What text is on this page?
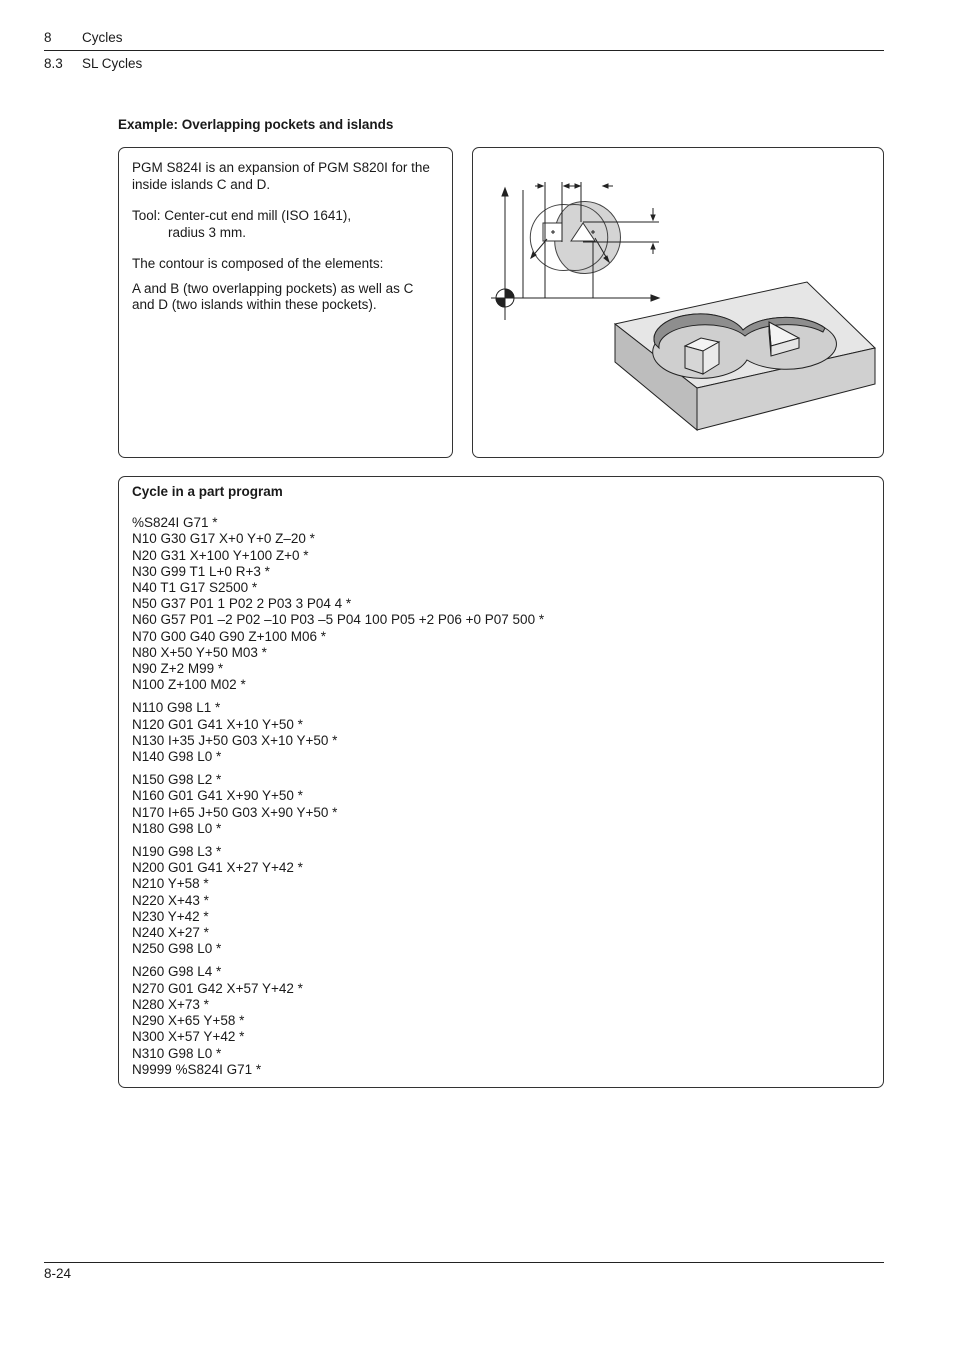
8 Cycles
8.3 SL Cycles
Example: Overlapping pockets and islands

PGM S824I is an expansion of PGM S820I for the inside islands C and D.

Tool: Center-cut end mill (ISO 1641),

radius 3 mm.

The contour is composed of the elements:

A and B (two overlapping pockets) as well as C and D (two islands within these pockets).

Cycle in a part program
%S824I G71 *
N10 G30 G17 X+0 Y+0 Z–20 *
N20 G31 X+100 Y+100 Z+0 *
N30 G99 T1 L+0 R+3 *
N40 T1 G17 S2500 *
N50 G37 P01 1 P02 2 P03 3 P04 4 *
N60 G57 P01 –2 P02 –10 P03 –5 P04 100 P05 +2 P06 +0 P07 500 *
N70 G00 G40 G90 Z+100 M06 *
N80 X+50 Y+50 M03 *
N90 Z+2 M99 *
N100 Z+100 M02 *
N110 G98 L1 *
N120 G01 G41 X+10 Y+50 *
N130 I+35 J+50 G03 X+10 Y+50 *
N140 G98 L0 *
N150 G98 L2 *
N160 G01 G41 X+90 Y+50 *
N170 I+65 J+50 G03 X+90 Y+50 *
N180 G98 L0 *
N190 G98 L3 *
N200 G01 G41 X+27 Y+42 *
N210 Y+58 *
N220 X+43 *
N230 Y+42 *
N240 X+27 *
N250 G98 L0 *
N260 G98 L4 *
N270 G01 G42 X+57 Y+42 *
N280 X+73 *
N290 X+65 Y+58 *
N300 X+57 Y+42 *
N310 G98 L0 *
N9999 %S824I G71 *
8-24
